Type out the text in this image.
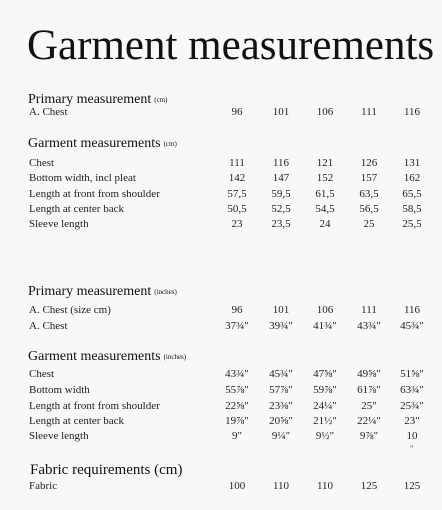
Garment measurements
Primary measurement (cm)
A. Chest	96	101	106	111	116
Garment measurements (cm)
Chest	111	116	121	126	131
Bottom width, incl pleat	142	147	152	157	162
Length at front from shoulder	57,5	59,5	61,5	63,5	65,5
Length at center back	50,5	52,5	54,5	56,5	58,5
Sleeve length	23	23,5	24	25	25,5
Primary measurement (inches)
A. Chest (size cm)	96	101	106	111	116
A. Chest	37¾"	39¾"	41¾"	43¾"	45¾"
Garment measurements (inches)
Chest	43¾"	45¾"	47⅝"	49⅝"	51⅝"
Bottom width	55⅞"	57⅞"	59⅞"	61⅞"	63¾"
Length at front from shoulder	22⅝"	23⅜"	24¼"	25"	25¾"
Length at center back	19⅞"	20⅝"	21½"	22¼"	23"
Sleeve length	9"	9¼"	9½"	9⅞"	10
"
Fabric requirements (cm)
Fabric	100	110	110	125	125
